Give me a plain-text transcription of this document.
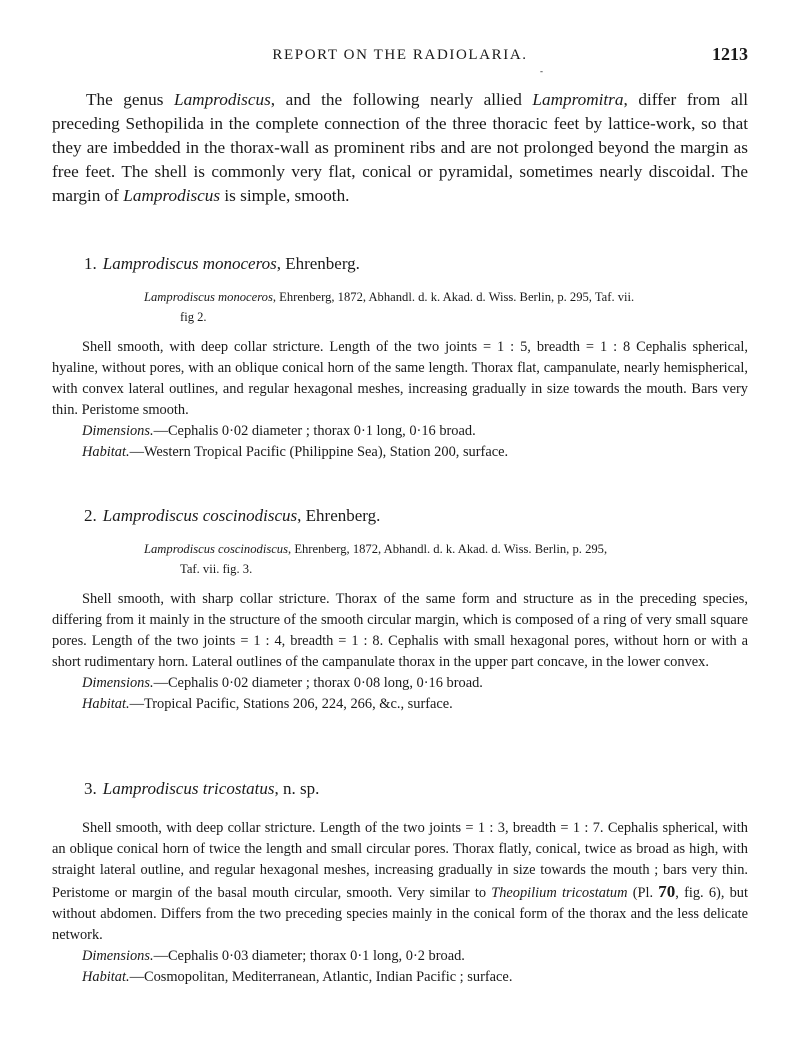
REPORT ON THE RADIOLARIA.	1213
-

The genus Lamprodiscus, and the following nearly allied Lampromitra, differ from all preceding Sethopilida in the complete connection of the three thoracic feet by lattice-work, so that they are imbedded in the thorax-wall as prominent ribs and are not prolonged beyond the margin as free feet. The shell is commonly very flat, conical or pyramidal, sometimes nearly discoidal. The margin of Lamprodiscus is simple, smooth.

1. Lamprodiscus monoceros, Ehrenberg.
Lamprodiscus monoceros, Ehrenberg, 1872, Abhandl. d. k. Akad. d. Wiss. Berlin, p. 295, Taf. vii.
fig 2.

Shell smooth, with deep collar stricture. Length of the two joints = 1 : 5, breadth = 1 : 8 Cephalis spherical, hyaline, without pores, with an oblique conical horn of the same length. Thorax flat, campanulate, nearly hemispherical, with convex lateral outlines, and regular hexagonal meshes, increasing gradually in size towards the mouth. Bars very thin. Peristome smooth.

Dimensions.—Cephalis 0·02 diameter ; thorax 0·1 long, 0·16 broad.

Habitat.—Western Tropical Pacific (Philippine Sea), Station 200, surface.

2. Lamprodiscus coscinodiscus, Ehrenberg.
Lamprodiscus coscinodiscus, Ehrenberg, 1872, Abhandl. d. k. Akad. d. Wiss. Berlin, p. 295,
Taf. vii. fig. 3.

Shell smooth, with sharp collar stricture. Thorax of the same form and structure as in the preceding species, differing from it mainly in the structure of the smooth circular margin, which is composed of a ring of very small square pores. Length of the two joints = 1 : 4, breadth = 1 : 8. Cephalis with small hexagonal pores, without horn or with a short rudimentary horn. Lateral outlines of the campanulate thorax in the upper part concave, in the lower convex.

Dimensions.—Cephalis 0·02 diameter ; thorax 0·08 long, 0·16 broad.

Habitat.—Tropical Pacific, Stations 206, 224, 266, &c., surface.

3. Lamprodiscus tricostatus, n. sp.

Shell smooth, with deep collar stricture. Length of the two joints = 1 : 3, breadth = 1 : 7. Cephalis spherical, with an oblique conical horn of twice the length and small circular pores. Thorax flatly, conical, twice as broad as high, with straight lateral outline, and regular hexagonal meshes, increasing gradually in size towards the mouth ; bars very thin. Peristome or margin of the basal mouth circular, smooth. Very similar to Theopilium tricostatum (Pl. 70, fig. 6), but without abdomen. Differs from the two preceding species mainly in the conical form of the thorax and the less delicate network.

Dimensions.—Cephalis 0·03 diameter; thorax 0·1 long, 0·2 broad.

Habitat.—Cosmopolitan, Mediterranean, Atlantic, Indian Pacific ; surface.
